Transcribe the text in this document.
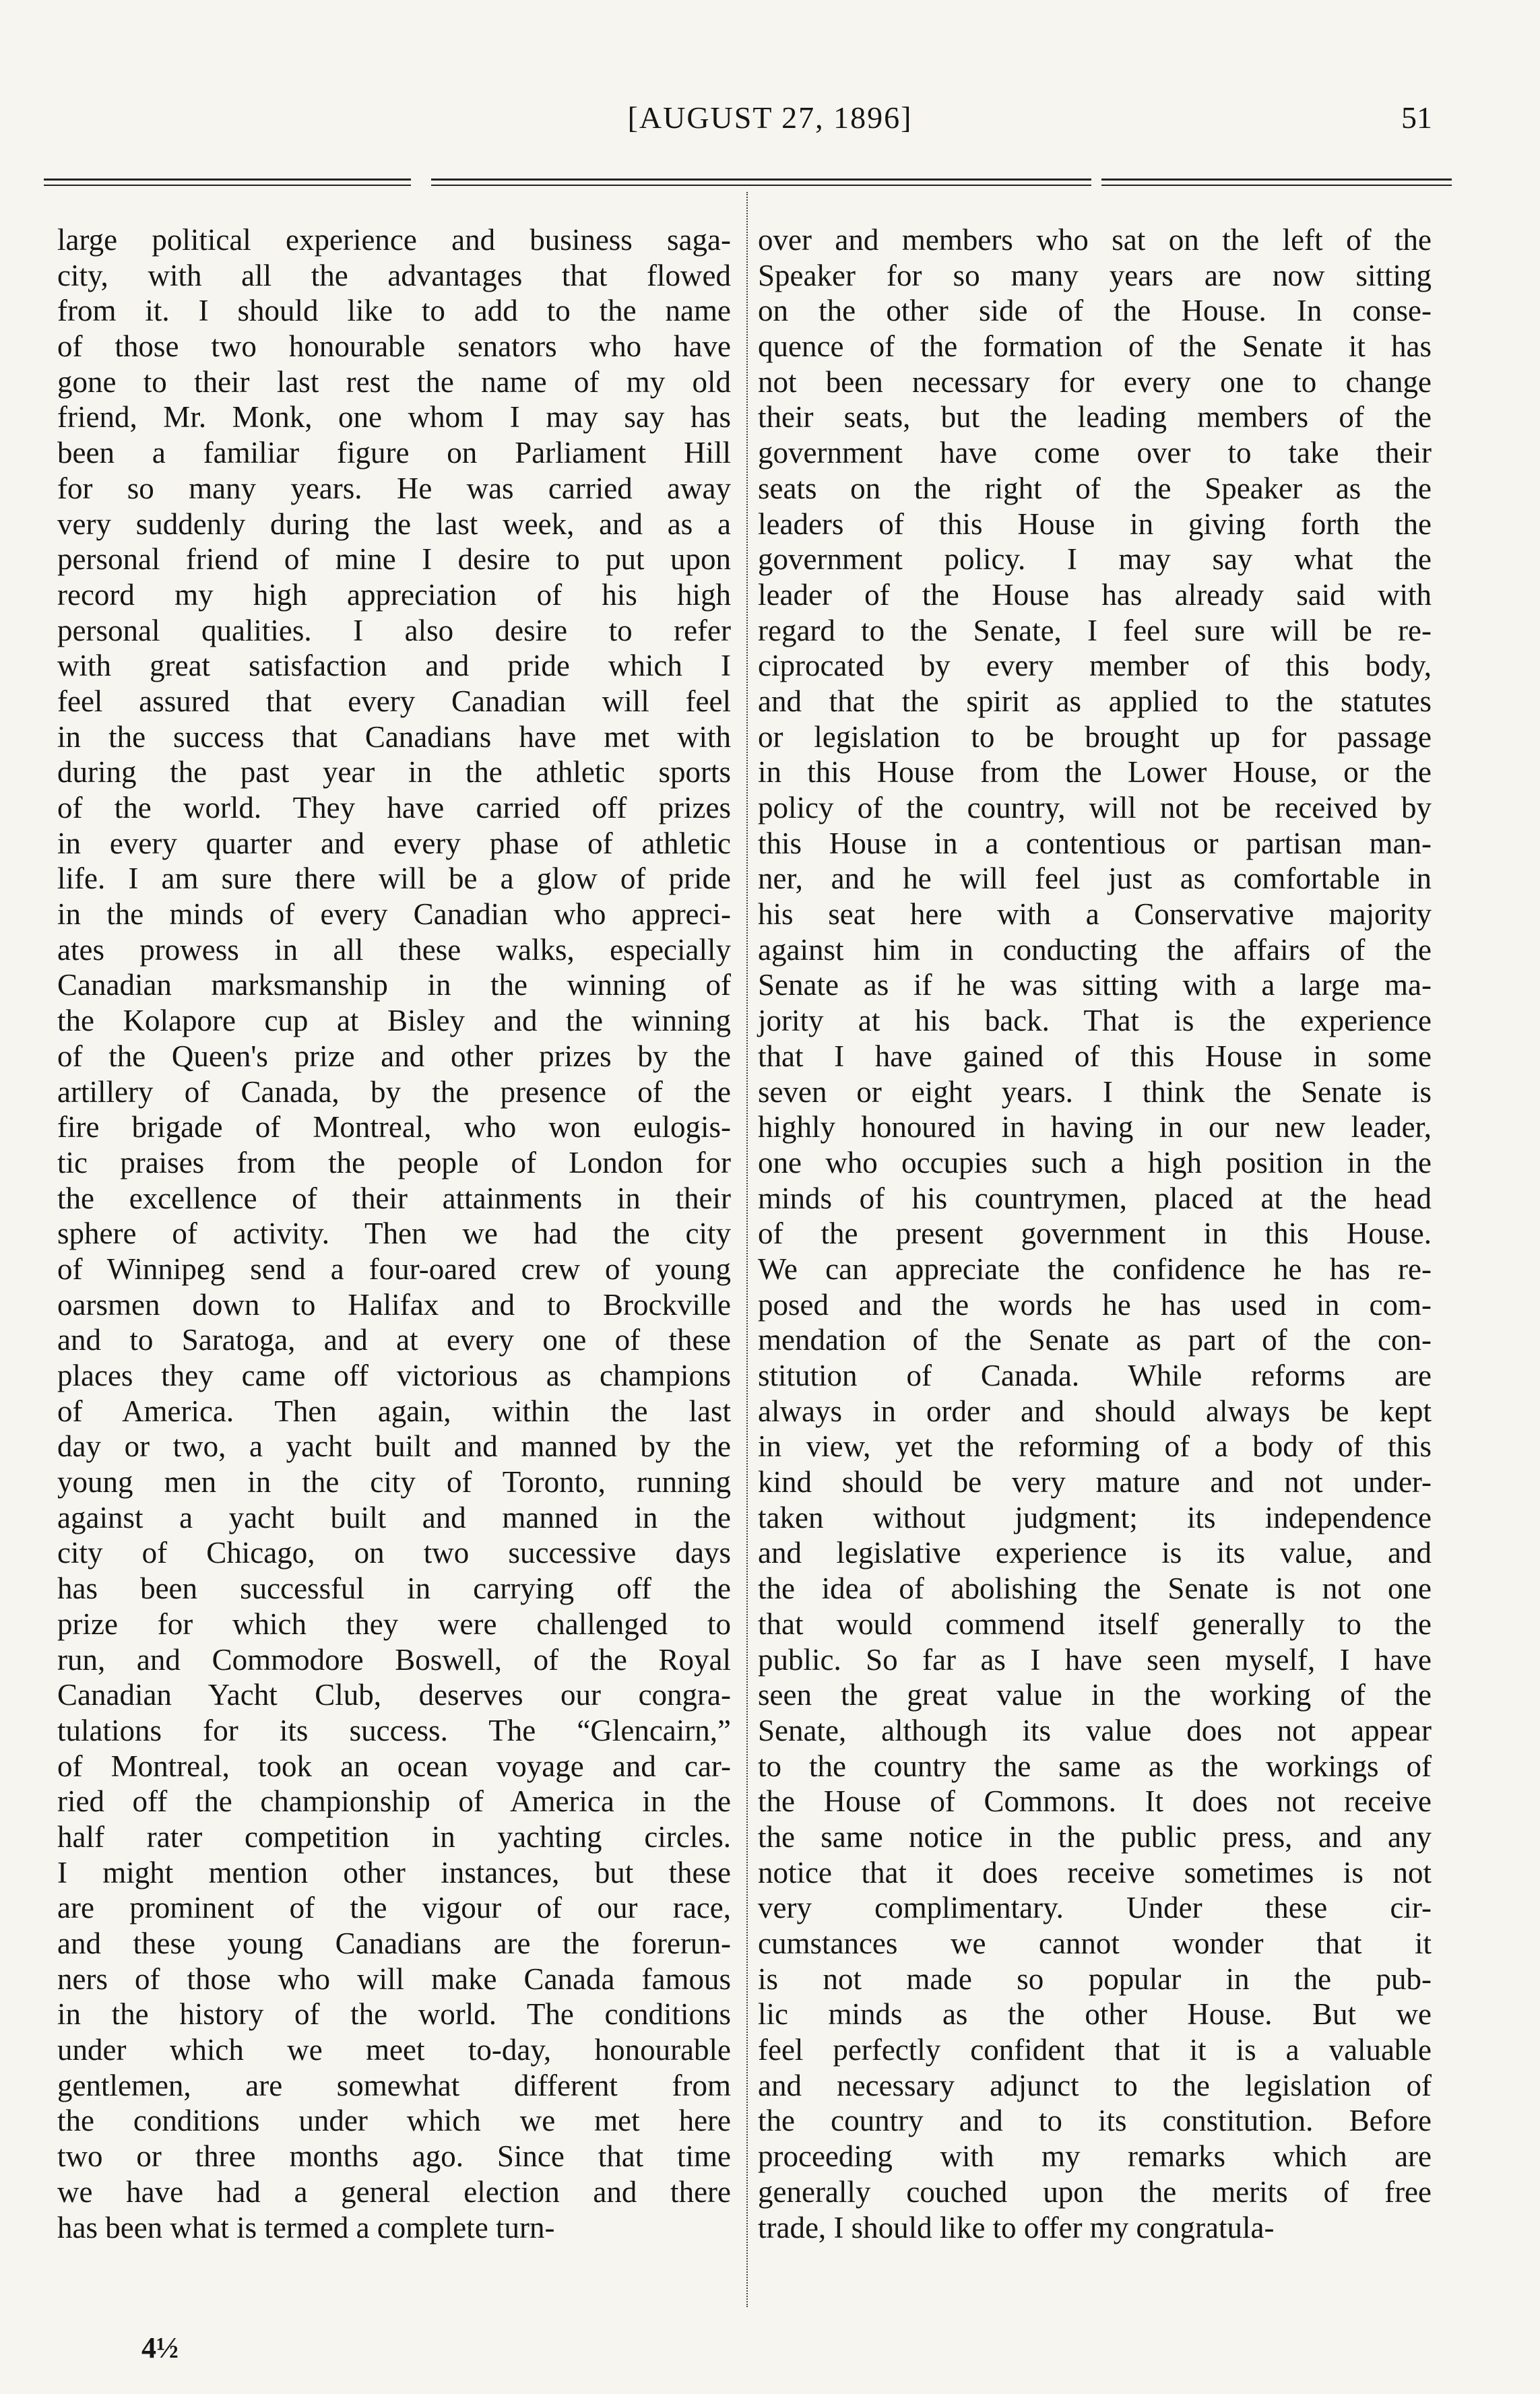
[AUGUST 27, 1896]	51
large political experience and business saga-
city, with all the advantages that flowed
from it. I should like to add to the name
of those two honourable senators who have
gone to their last rest the name of my old
friend, Mr. Monk, one whom I may say has
been a familiar figure on Parliament Hill
for so many years. He was carried away
very suddenly during the last week, and as a
personal friend of mine I desire to put upon
record my high appreciation of his high
personal qualities. I also desire to refer
with great satisfaction and pride which I
feel assured that every Canadian will feel
in the success that Canadians have met with
during the past year in the athletic sports
of the world. They have carried off prizes
in every quarter and every phase of athletic
life. I am sure there will be a glow of pride
in the minds of every Canadian who appreci-
ates prowess in all these walks, especially
Canadian marksmanship in the winning of
the Kolapore cup at Bisley and the winning
of the Queen's prize and other prizes by the
artillery of Canada, by the presence of the
fire brigade of Montreal, who won eulogis-
tic praises from the people of London for
the excellence of their attainments in their
sphere of activity. Then we had the city
of Winnipeg send a four-oared crew of young
oarsmen down to Halifax and to Brockville
and to Saratoga, and at every one of these
places they came off victorious as champions
of America. Then again, within the last
day or two, a yacht built and manned by the
young men in the city of Toronto, running
against a yacht built and manned in the
city of Chicago, on two successive days
has been successful in carrying off the
prize for which they were challenged to
run, and Commodore Boswell, of the Royal
Canadian Yacht Club, deserves our congra-
tulations for its success. The “Glencairn,”
of Montreal, took an ocean voyage and car-
ried off the championship of America in the
half rater competition in yachting circles.
I might mention other instances, but these
are prominent of the vigour of our race,
and these young Canadians are the forerun-
ners of those who will make Canada famous
in the history of the world. The conditions
under which we meet to-day, honourable
gentlemen, are somewhat different from
the conditions under which we met here
two or three months ago. Since that time
we have had a general election and there
has been what is termed a complete turn-
over and members who sat on the left of the
Speaker for so many years are now sitting
on the other side of the House. In conse-
quence of the formation of the Senate it has
not been necessary for every one to change
their seats, but the leading members of the
government have come over to take their
seats on the right of the Speaker as the
leaders of this House in giving forth the
government policy. I may say what the
leader of the House has already said with
regard to the Senate, I feel sure will be re-
ciprocated by every member of this body,
and that the spirit as applied to the statutes
or legislation to be brought up for passage
in this House from the Lower House, or the
policy of the country, will not be received by
this House in a contentious or partisan man-
ner, and he will feel just as comfortable in
his seat here with a Conservative majority
against him in conducting the affairs of the
Senate as if he was sitting with a large ma-
jority at his back. That is the experience
that I have gained of this House in some
seven or eight years. I think the Senate is
highly honoured in having in our new leader,
one who occupies such a high position in the
minds of his countrymen, placed at the head
of the present government in this House.
We can appreciate the confidence he has re-
posed and the words he has used in com-
mendation of the Senate as part of the con-
stitution of Canada. While reforms are
always in order and should always be kept
in view, yet the reforming of a body of this
kind should be very mature and not under-
taken without judgment; its independence
and legislative experience is its value, and
the idea of abolishing the Senate is not one
that would commend itself generally to the
public. So far as I have seen myself, I have
seen the great value in the working of the
Senate, although its value does not appear
to the country the same as the workings of
the House of Commons. It does not receive
the same notice in the public press, and any
notice that it does receive sometimes is not
very complimentary. Under these cir-
cumstances we cannot wonder that it
is not made so popular in the pub-
lic minds as the other House. But we
feel perfectly confident that it is a valuable
and necessary adjunct to the legislation of
the country and to its constitution. Before
proceeding with my remarks which are
generally couched upon the merits of free
trade, I should like to offer my congratula-
4½
